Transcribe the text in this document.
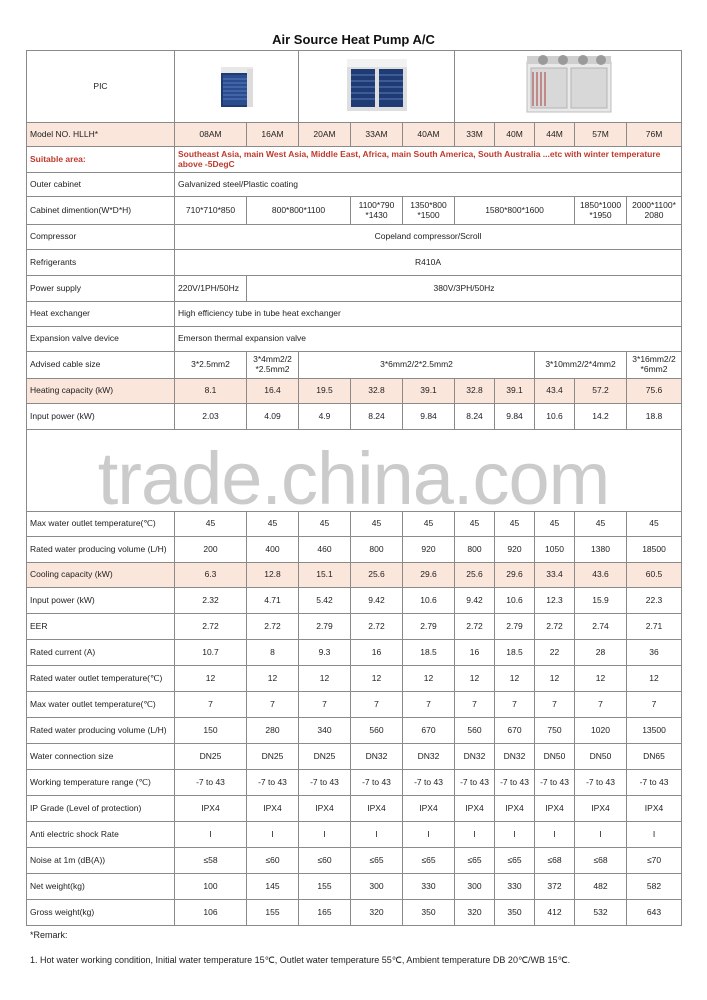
Air Source Heat Pump A/C
PIC			
Model NO. HLLH*	08AM	16AM	20AM	33AM	40AM	33M	40M	44M	57M	76M
Suitable area:	Southeast Asia, main West Asia, Middle East, Africa, main South America, South Australia ...etc with winter temperature above -5DegC									
Outer cabinet	Galvanized steel/Plastic coating									
Cabinet dimention(W*D*H)	710*710*850	800*800*1100		1100*790 *1430	1350*800 *1500	1580*800*1600			1850*1000 *1950	2000*1100* 2080
Compressor	Copeland compressor/Scroll									
Refrigerants	R410A									
Power supply	220V/1PH/50Hz	380V/3PH/50Hz								
Heat exchanger	High efficiency tube in tube heat exchanger									
Expansion valve device	Emerson thermal expansion valve									
Advised cable size	3*2.5mm2	3*4mm2/2 *2.5mm2	3*6mm2/2*2.5mm2					3*10mm2/2*4mm2		3*16mm2/2 *6mm2
Heating capacity (kW)	8.1	16.4	19.5	32.8	39.1	32.8	39.1	43.4	57.2	75.6
Input power (kW)	2.03	4.09	4.9	8.24	9.84	8.24	9.84	10.6	14.2	18.8

Max water outlet temperature(℃)	45	45	45	45	45	45	45	45	45	45
Rated water producing volume (L/H)	200	400	460	800	920	800	920	1050	1380	18500
Cooling capacity (kW)	6.3	12.8	15.1	25.6	29.6	25.6	29.6	33.4	43.6	60.5
Input power (kW)	2.32	4.71	5.42	9.42	10.6	9.42	10.6	12.3	15.9	22.3
EER	2.72	2.72	2.79	2.72	2.79	2.72	2.79	2.72	2.74	2.71
Rated current (A)	10.7	8	9.3	16	18.5	16	18.5	22	28	36
Rated water outlet temperature(℃)	12	12	12	12	12	12	12	12	12	12
Max water outlet temperature(℃)	7	7	7	7	7	7	7	7	7	7
Rated water producing volume (L/H)	150	280	340	560	670	560	670	750	1020	13500
Water connection size	DN25	DN25	DN25	DN32	DN32	DN32	DN32	DN50	DN50	DN65
Working temperature range (℃)	-7 to 43	-7 to 43	-7 to 43	-7 to 43	-7 to 43	-7 to 43	-7 to 43	-7 to 43	-7 to 43	-7 to 43
IP Grade (Level of protection)	IPX4	IPX4	IPX4	IPX4	IPX4	IPX4	IPX4	IPX4	IPX4	IPX4
Anti electric shock Rate	I	I	I	I	I	I	I	I	I	I
Noise at 1m (dB(A))	≤58	≤60	≤60	≤65	≤65	≤65	≤65	≤68	≤68	≤70
Net weight(kg)	100	145	155	300	330	300	330	372	482	582
Gross weight(kg)	106	155	165	320	350	320	350	412	532	643
trade.china.com
*Remark:
1. Hot water working condition, Initial water temperature 15℃, Outlet water temperature 55℃, Ambient temperature DB 20℃/WB 15℃.
